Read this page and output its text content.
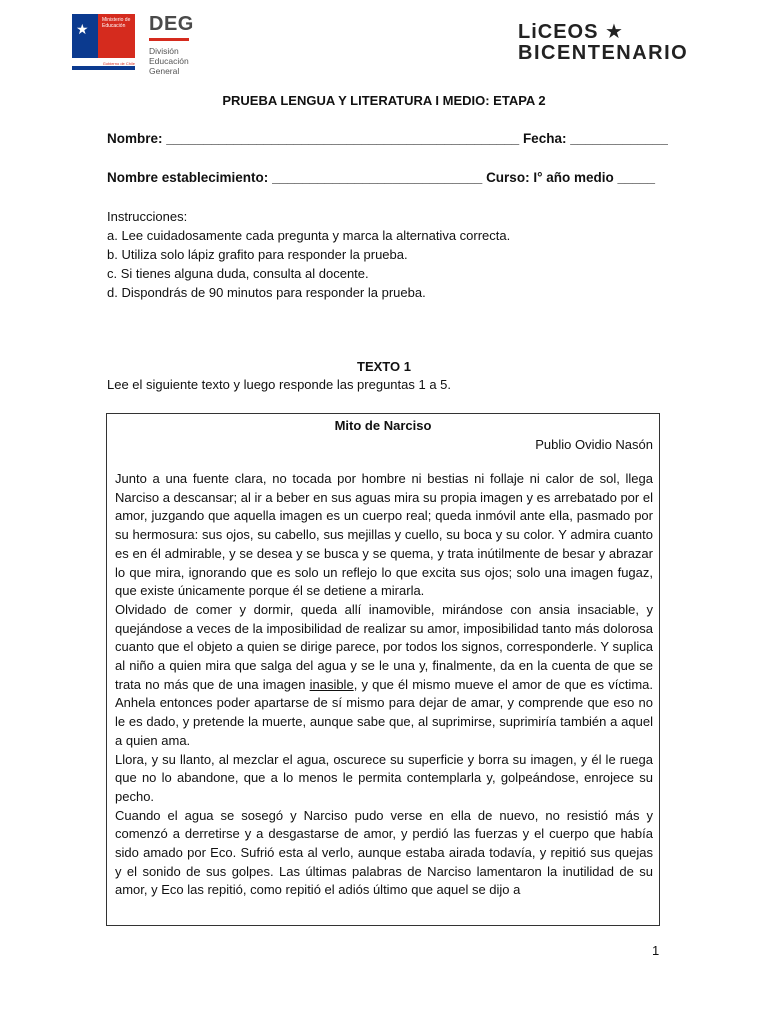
★
Ministerio de Educación
Gobierno de Chile
DEG
División
Educación
General
LiCEOS ★
BICENTENARIO
PRUEBA LENGUA Y LITERATURA I MEDIO: ETAPA 2
Nombre: _______________________________________________ Fecha: _____________
Nombre establecimiento: ____________________________ Curso: I° año medio _____
Instrucciones:
a. Lee cuidadosamente cada pregunta y marca la alternativa correcta.
b. Utiliza solo lápiz grafito para responder la prueba.
c. Si tienes alguna duda, consulta al docente.
d. Dispondrás de 90 minutos para responder la prueba.
TEXTO 1
Lee el siguiente texto y luego responde las preguntas 1 a 5.
Mito de Narciso
Publio Ovidio Nasón

Junto a una fuente clara, no tocada por hombre ni bestias ni follaje ni calor de sol, llega Narciso a descansar; al ir a beber en sus aguas mira su propia imagen y es arrebatado por el amor, juzgando que aquella imagen es un cuerpo real; queda inmóvil ante ella, pasmado por su hermosura: sus ojos, su cabello, sus mejillas y cuello, su boca y su color. Y admira cuanto es en él admirable, y se desea y se busca y se quema, y trata inútilmente de besar y abrazar lo que mira, ignorando que es solo un reflejo lo que excita sus ojos; solo una imagen fugaz, que existe únicamente porque él se detiene a mirarla.

Olvidado de comer y dormir, queda allí inamovible, mirándose con ansia insaciable, y quejándose a veces de la imposibilidad de realizar su amor, imposibilidad tanto más dolorosa cuanto que el objeto a quien se dirige parece, por todos los signos, corresponderle. Y suplica al niño a quien mira que salga del agua y se le una y, finalmente, da en la cuenta de que se trata no más que de una imagen inasible, y que él mismo mueve el amor de que es víctima. Anhela entonces poder apartarse de sí mismo para dejar de amar, y comprende que eso no le es dado, y pretende la muerte, aunque sabe que, al suprimirse, suprimiría también a aquel a quien ama.

Llora, y su llanto, al mezclar el agua, oscurece su superficie y borra su imagen, y él le ruega que no lo abandone, que a lo menos le permita contemplarla y, golpeándose, enrojece su pecho.

Cuando el agua se sosegó y Narciso pudo verse en ella de nuevo, no resistió más y comenzó a derretirse y a desgastarse de amor, y perdió las fuerzas y el cuerpo que había sido amado por Eco. Sufrió esta al verlo, aunque estaba airada todavía, y repitió sus quejas y el sonido de sus golpes. Las últimas palabras de Narciso lamentaron la inutilidad de su amor, y Eco las repitió, como repitió el adiós último que aquel se dijo a

1
